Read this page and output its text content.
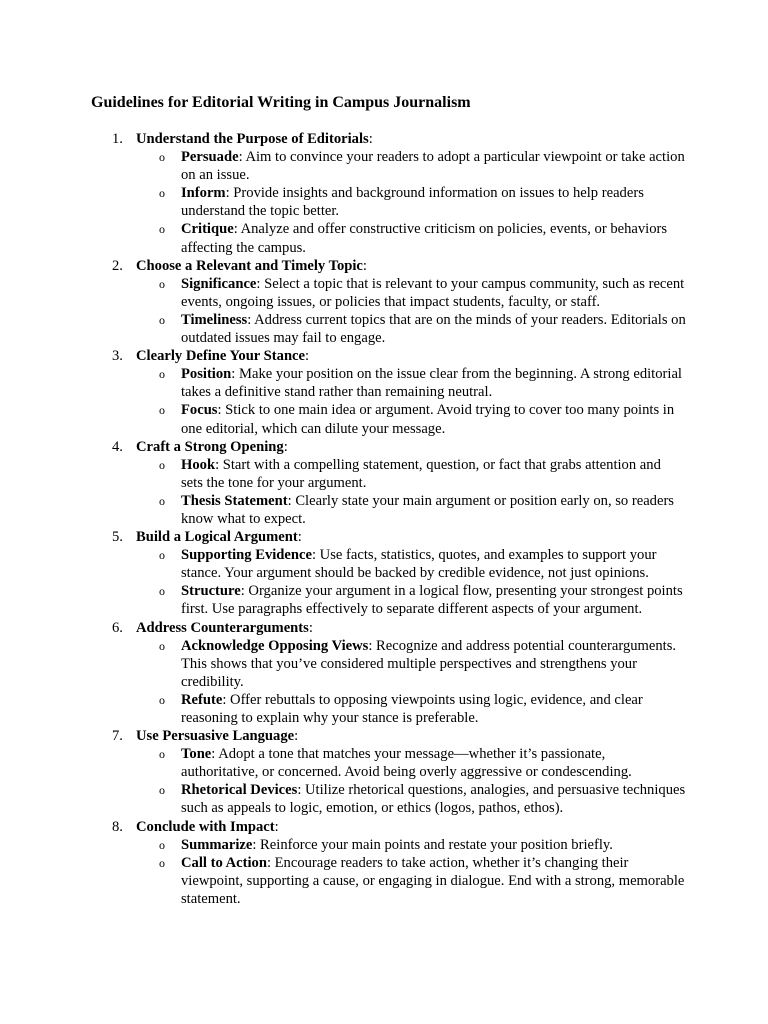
Guidelines for Editorial Writing in Campus Journalism
1. Understand the Purpose of Editorials:
o Persuade: Aim to convince your readers to adopt a particular viewpoint or take action on an issue.
o Inform: Provide insights and background information on issues to help readers understand the topic better.
o Critique: Analyze and offer constructive criticism on policies, events, or behaviors affecting the campus.
2. Choose a Relevant and Timely Topic:
o Significance: Select a topic that is relevant to your campus community, such as recent events, ongoing issues, or policies that impact students, faculty, or staff.
o Timeliness: Address current topics that are on the minds of your readers. Editorials on outdated issues may fail to engage.
3. Clearly Define Your Stance:
o Position: Make your position on the issue clear from the beginning. A strong editorial takes a definitive stand rather than remaining neutral.
o Focus: Stick to one main idea or argument. Avoid trying to cover too many points in one editorial, which can dilute your message.
4. Craft a Strong Opening:
o Hook: Start with a compelling statement, question, or fact that grabs attention and sets the tone for your argument.
o Thesis Statement: Clearly state your main argument or position early on, so readers know what to expect.
5. Build a Logical Argument:
o Supporting Evidence: Use facts, statistics, quotes, and examples to support your stance. Your argument should be backed by credible evidence, not just opinions.
o Structure: Organize your argument in a logical flow, presenting your strongest points first. Use paragraphs effectively to separate different aspects of your argument.
6. Address Counterarguments:
o Acknowledge Opposing Views: Recognize and address potential counterarguments. This shows that you’ve considered multiple perspectives and strengthens your credibility.
o Refute: Offer rebuttals to opposing viewpoints using logic, evidence, and clear reasoning to explain why your stance is preferable.
7. Use Persuasive Language:
o Tone: Adopt a tone that matches your message—whether it’s passionate, authoritative, or concerned. Avoid being overly aggressive or condescending.
o Rhetorical Devices: Utilize rhetorical questions, analogies, and persuasive techniques such as appeals to logic, emotion, or ethics (logos, pathos, ethos).
8. Conclude with Impact:
o Summarize: Reinforce your main points and restate your position briefly.
o Call to Action: Encourage readers to take action, whether it’s changing their viewpoint, supporting a cause, or engaging in dialogue. End with a strong, memorable statement.
